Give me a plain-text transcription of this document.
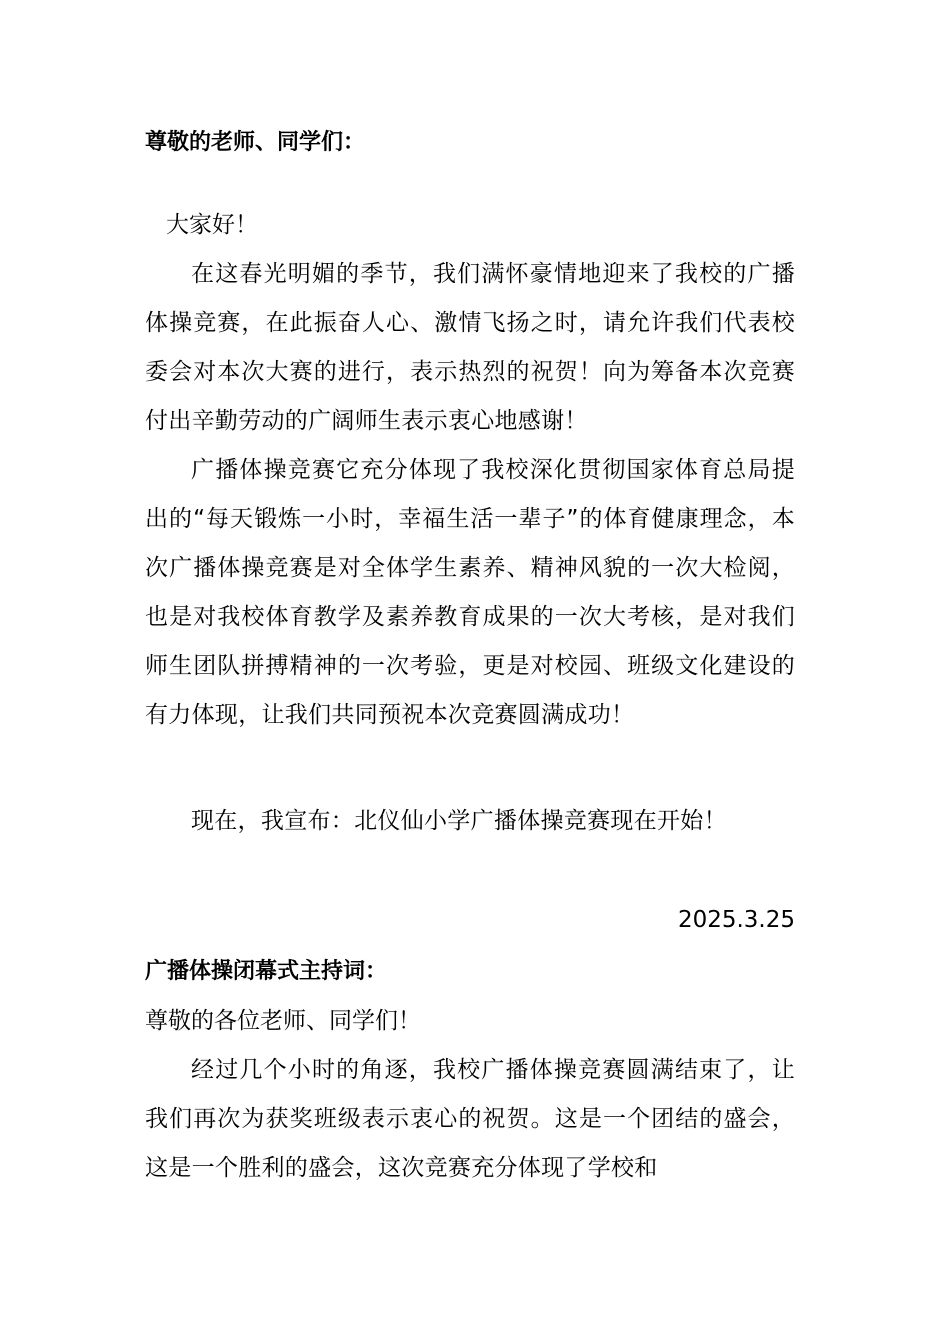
尊敬的老师、同学们：
大家好！

在这春光明媚的季节，我们满怀豪情地迎来了我校的广播体操竞赛，在此振奋人心、激情飞扬之时，请允许我们代表校委会对本次大赛的进行，表示热烈的祝贺！向为筹备本次竞赛付出辛勤劳动的广阔师生表示衷心地感谢！

广播体操竞赛它充分体现了我校深化贯彻国家体育总局提出的“每天锻炼一小时，幸福生活一辈子”的体育健康理念，本次广播体操竞赛是对全体学生素养、精神风貌的一次大检阅，也是对我校体育教学及素养教育成果的一次大考核，是对我们师生团队拼搏精神的一次考验，更是对校园、班级文化建设的有力体现，让我们共同预祝本次竞赛圆满成功！

现在，我宣布：北仪仙小学广播体操竞赛现在开始！

2025.3.25
广播体操闭幕式主持词：
尊敬的各位老师、同学们！

经过几个小时的角逐，我校广播体操竞赛圆满结束了，让我们再次为获奖班级表示衷心的祝贺。这是一个团结的盛会，这是一个胜利的盛会，这次竞赛充分体现了学校和
